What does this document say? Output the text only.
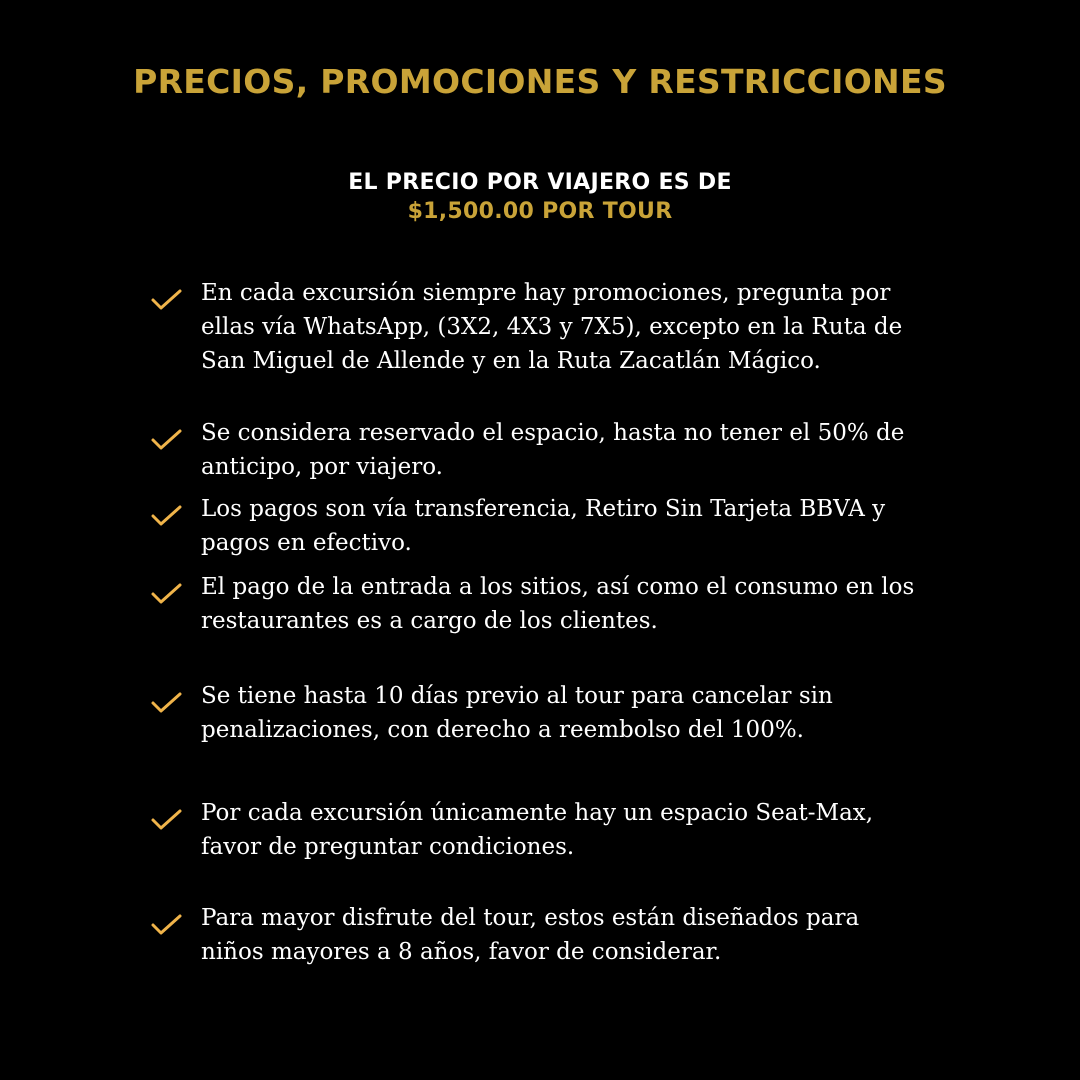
PRECIOS, PROMOCIONES Y RESTRICCIONES
EL PRECIO POR VIAJERO ES DE
$1,500.00 POR TOUR
En cada excursión siempre hay promociones, pregunta por
ellas vía WhatsApp, (3X2, 4X3 y 7X5), excepto en la Ruta de
San Miguel de Allende y en la Ruta Zacatlán Mágico.
Se considera reservado el espacio, hasta no tener el 50% de
anticipo, por viajero.
Los pagos son vía transferencia, Retiro Sin Tarjeta BBVA y
pagos en efectivo.
El pago de la entrada a los sitios, así como el consumo en los
restaurantes es a cargo de los clientes.
Se tiene hasta 10 días previo al tour para cancelar sin
penalizaciones, con derecho a reembolso del 100%.
Por cada excursión únicamente hay un espacio Seat-Max,
favor de preguntar condiciones.
Para mayor disfrute del tour, estos están diseñados para
niños mayores a 8 años, favor de considerar.
